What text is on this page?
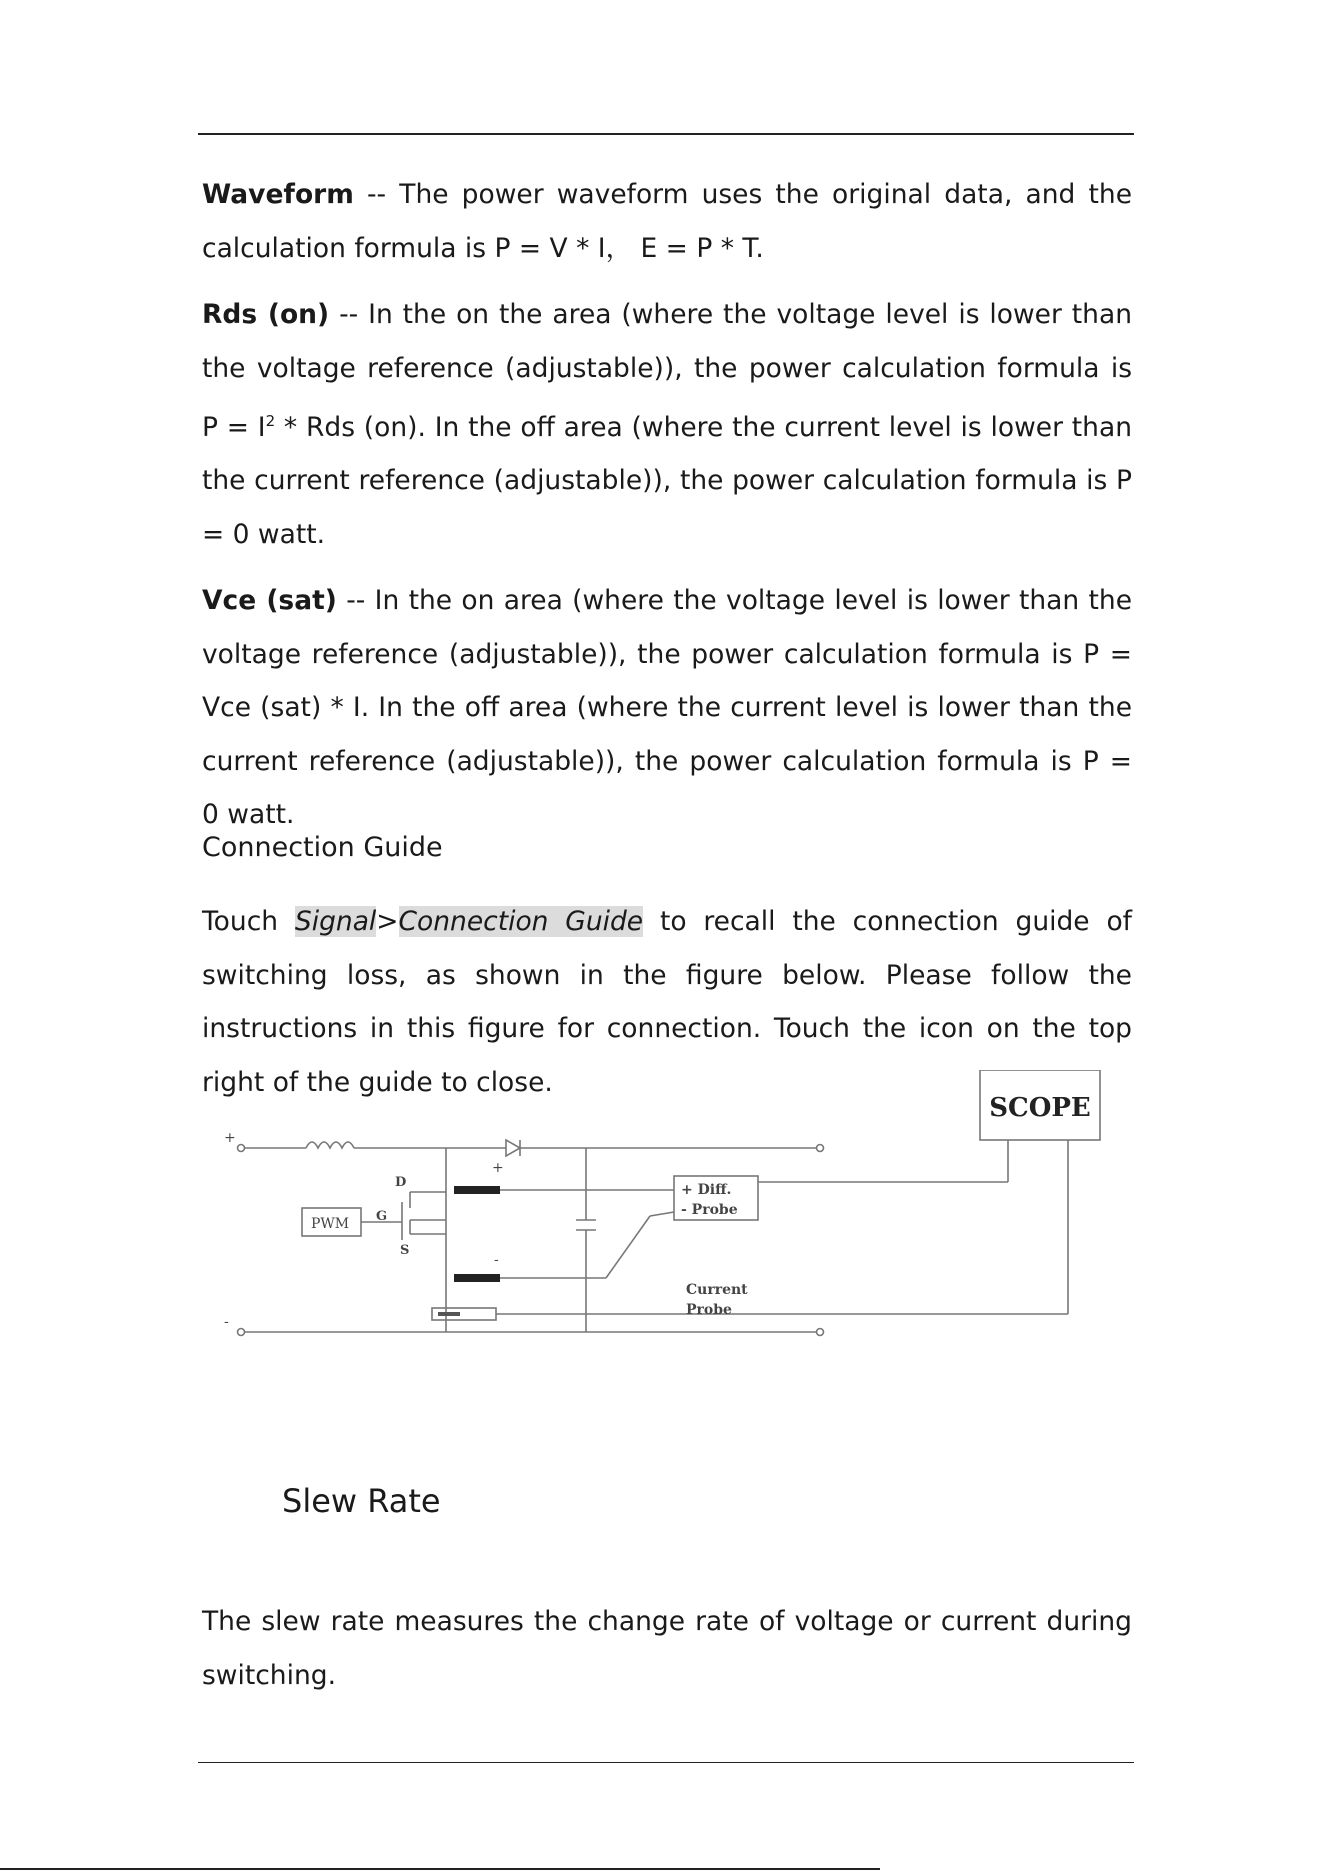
Waveform -- The power waveform uses the original data, and the calculation formula is P = V * I， E = P * T.

Rds (on) -- In the on the area (where the voltage level is lower than the voltage reference (adjustable)), the power calculation formula is $P = I^2$ * Rds (on). In the off area (where the current level is lower than the current reference (adjustable)), the power calculation formula is P = 0 watt.

Vce (sat) -- In the on area (where the voltage level is lower than the voltage reference (adjustable)), the power calculation formula is P = Vce (sat) * I. In the off area (where the current level is lower than the current reference (adjustable)), the power calculation formula is P = 0 watt.

Connection Guide

Touch Signal>Connection Guide to recall the connection guide of switching loss, as shown in the figure below. Please follow the instructions in this figure for connection. Touch the icon on the top right of the guide to close.

+
-
+
-
D
G
S
PWM
+ Diff.
- Probe
Current
Probe
SCOPE
Slew Rate

The slew rate measures the change rate of voltage or current during switching.
